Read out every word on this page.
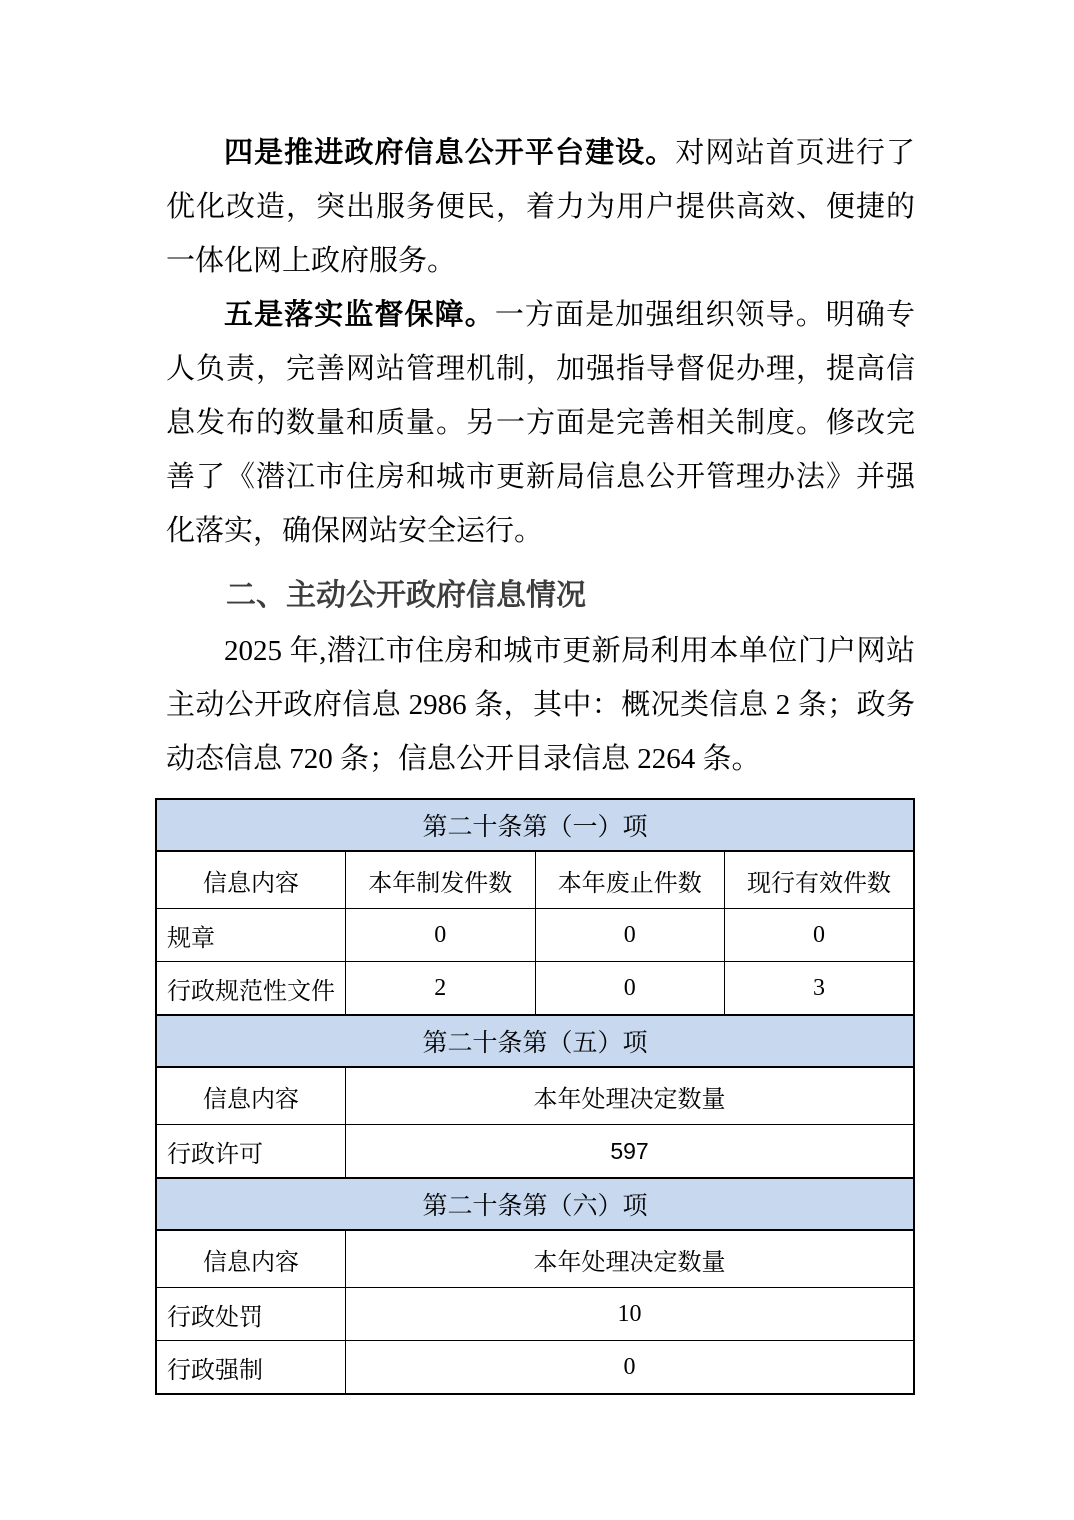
四是推进政府信息公开平台建设。对网站首页进行了优化改造，突出服务便民，着力为用户提供高效、便捷的一体化网上政府服务。

五是落实监督保障。一方面是加强组织领导。明确专人负责，完善网站管理机制，加强指导督促办理，提高信息发布的数量和质量。另一方面是完善相关制度。修改完善了《潜江市住房和城市更新局信息公开管理办法》并强化落实，确保网站安全运行。

二、主动公开政府信息情况

2025 年,潜江市住房和城市更新局利用本单位门户网站主动公开政府信息 2986 条，其中：概况类信息 2 条；政务动态信息 720 条；信息公开目录信息 2264 条。

第二十条第（一）项			
信息内容	本年制发件数	本年废止件数	现行有效件数
规章	0	0	0
行政规范性文件	2	0	3
第二十条第（五）项			
信息内容	本年处理决定数量		
行政许可	597		
第二十条第（六）项			
信息内容	本年处理决定数量		
行政处罚	10		
行政强制	0		
